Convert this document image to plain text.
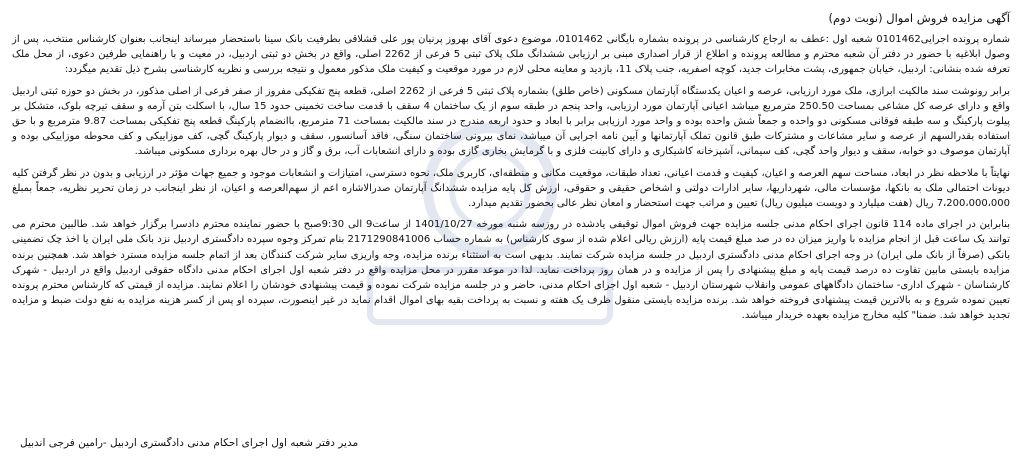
آگهی مزایده فروش اموال (نوبت دوم)

شماره پرونده اجرایی0101462 شعبه اول :عطف به ارجاع کارشناسی در پرونده بشماره بایگانی 0101462، موضوع دعوی آقای بهروز پرنیان پور علی قشلاقی بطرفیت بانک سینا باستحضار میرساند اینجانب بعنوان کارشناس منتخب، پس از وصول ابلاغیه با حضور در دفتر آن شعبه محترم و مطالعه پرونده و اطلاع از قرار اصداری مبنی بر ارزیابی ششدانگ ملک پلاک ثبتی 5 فرعی از 2262 اصلی، واقع در بخش دو ثبتی اردبیل، در معیت و با راهنمایی طرفین دعوی، از محل ملک تعرفه شده بنشانی: اردبیل، خیابان جمهوری، پشت مخابرات جدید، کوچه اصفریه، جنب پلاک 11، بازدید و معاینه محلی لازم در مورد موقعیت و کیفیت ملک مذکور معمول و نتیجه بررسی و نظریه کارشناسی بشرح ذیل تقدیم میگردد:

برابر رونوشت سند مالکیت ابرازی، ملک مورد ارزیابی، عرصه و اعیان یکدستگاه آپارتمان مسکونی (خاص طلق) بشماره پلاک ثبتی 5 فرعی از 2262 اصلی، قطعه پنج تفکیکی مفروز از صفر فرعی از اصلی مذکور، در بخش دو حوزه ثبتی اردبیل واقع و دارای عرصه کل مشاعی بمساحت 250.50 مترمربع میباشد اعیانی آپارتمان مورد ارزیابی، واحد پنجم در طبقه سوم از یک ساختمان 4 سقف با قدمت ساخت تخمینی حدود 15 سال، با اسکلت بتن آرمه و سقف تیرچه بلوک، متشکل بر پیلوت پارکینگ و سه طبقه فوقانی مسکونی دو واحده و جمعاً شش واحده بوده و واحد مورد ارزیابی برابر با ابعاد و حدود اربعه مندرج در سند مالکیت بمساحت 71 مترمربع، باانضمام پارکینگ قطعه پنج تفکیکی بمساحت 9.87 مترمربع و با حق استفاده بقدرالسهم از عرصه و سایر مشاعات و مشترکات طبق قانون تملک آپارتمانها و آیین نامه اجرایی آن میباشد، نمای بیرونی ساختمان سنگی، فاقد آسانسور، سقف و دیوار پارکینگ گچی، کف موزاییکی و کف محوطه موزاییکی بوده و آپارتمان موصوف دو خوابه، سقف و دیوار واحد گچی، کف سیمانی، آشپزخانه کاشیکاری و دارای کابینت فلزی و با گرمایش بخاری گازی بوده و دارای انشعابات آب، برق و گاز و در حال بهره برداری مسکونی میباشد.

نهایتاً با ملاحظه نظر در ابعاد، مساحت سهم العرصه و اعیان، کیفیت و قدمت اعیانی، تعداد طبقات، موقعیت مکانی و منطقه‌ای، کاربری ملک، نحوه دسترسی، امتیازات و انشعابات موجود و جمیع جهات مؤثر در ارزیابی و بدون در نظر گرفتن کلیه دیونات احتمالی ملک به بانکها، مؤسسات مالی، شهرداریها، سایر ادارات دولتی و اشخاص حقیقی و حقوقی، ارزش کل پایه مزایده ششدانگ آپارتمان صدرالاشاره اعم از سهم‌العرصه و اعیان، از نظر اینجانب در زمان تحریر نظریه، جمعاً بمبلغ 7،200،000،000 ریال (هفت میلیارد و دویست میلیون ریال) تعیین و مراتب جهت استحضار و امعان نظر عالی بحضور تقدیم میدارد.

بنابراین در اجرای ماده 114 قانون اجرای احکام مدنی جلسه مزایده جهت فروش اموال توقیفی یادشده در روزسه شنبه مورخه 1401/10/27 از ساعت9 الی 9:30صبح با حضور نماینده محترم دادسرا برگزار خواهد شد. طالبین محترم می توانند یک ساعت قبل از انجام مزایده با واریز میزان ده در صد مبلغ قیمت پایه (ارزش ریالی اعلام شده از سوی کارشناس) به شماره حساب 2171290841006 بنام تمرکز وجوه سپرده دادگستری اردبیل نزد بانک ملی ایران یا اخذ چک تضمینی بانکی (صرفاً از بانک ملی ایران) در وجه اجرای احکام مدنی دادگستری اردبیل در جلسه مزایده شرکت نمایند. بدیهی است به استثناء برنده مزایده، وجه واریزی سایر شرکت کنندگان بعد از اتمام جلسه مزایده مسترد خواهد شد. همچنین برنده مزایده بایستی مابین تفاوت ده درصد قیمت پایه و مبلغ پیشنهادی را پس از مزایده و در همان روز پرداخت نماید. لذا در موعد مقرر در محل مزایده واقع در دفتر شعبه اول اجرای احکام مدنی دادگاه حقوقی اردبیل واقع در اردبیل - شهرک کارشناسان - شهرک اداری- ساختمان دادگاههای عمومی وانقلاب شهرستان اردبیل - شعبه اول اجرای احکام مدنی، حاضر و در جلسه مزایده شرکت نموده و قیمت پیشنهادی خودشان را اعلام نمایند. مزایده از قیمتی که کارشناس محترم پرونده تعیین نموده شروع و به بالاترین قیمت پیشنهادی فروخته خواهد شد. برنده مزایده بایستی منقول ظرف یک هفته و نسبت به پرداخت بقیه بهای اموال اقدام نماید در غیر اینصورت، سپرده او پس از کسر هزینه مزایده به نفع دولت ضبط و مزایده تجدید خواهد شد. ضمنا" کلیه مخارج مزایده بعهده خریدار میباشد.

مدیر دفتر شعبه اول اجرای احکام مدنی دادگستری اردبیل -رامین فرجی اندبیل
